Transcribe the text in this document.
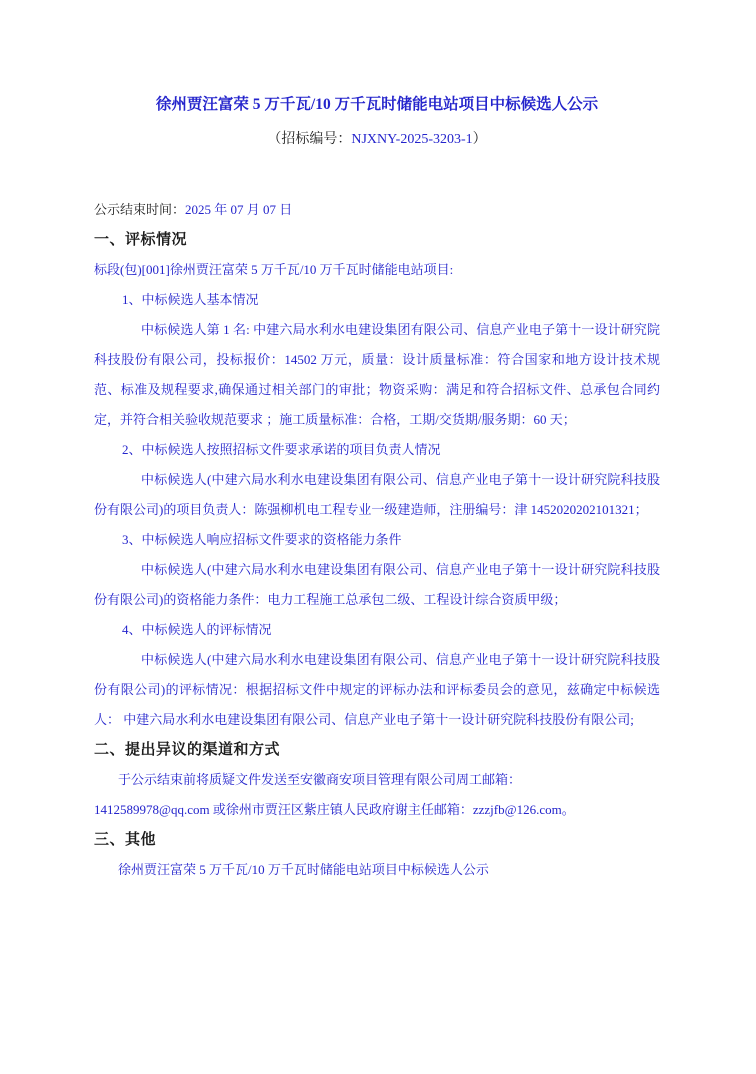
徐州贾汪富荣 5 万千瓦/10 万千瓦时储能电站项目中标候选人公示
（招标编号：NJXNY-2025-3203-1）

公示结束时间：2025 年 07 月 07 日

一、评标情况

标段(包)[001]徐州贾汪富荣 5 万千瓦/10 万千瓦时储能电站项目:

1、中标候选人基本情况

中标候选人第 1 名: 中建六局水利水电建设集团有限公司、信息产业电子第十一设计研究院科技股份有限公司，投标报价：14502 万元，质量：设计质量标准：符合国家和地方设计技术规范、标准及规程要求,确保通过相关部门的审批；物资采购：满足和符合招标文件、总承包合同约定，并符合相关验收规范要求 ；施工质量标准：合格，工期/交货期/服务期：60 天；

2、中标候选人按照招标文件要求承诺的项目负责人情况

中标候选人(中建六局水利水电建设集团有限公司、信息产业电子第十一设计研究院科技股份有限公司)的项目负责人：陈强柳机电工程专业一级建造师，注册编号：津 1452020202101321；

3、中标候选人响应招标文件要求的资格能力条件

中标候选人(中建六局水利水电建设集团有限公司、信息产业电子第十一设计研究院科技股份有限公司)的资格能力条件：电力工程施工总承包二级、工程设计综合资质甲级；

4、中标候选人的评标情况

中标候选人(中建六局水利水电建设集团有限公司、信息产业电子第十一设计研究院科技股份有限公司)的评标情况：根据招标文件中规定的评标办法和评标委员会的意见，兹确定中标候选人： 中建六局水利水电建设集团有限公司、信息产业电子第十一设计研究院科技股份有限公司;

二、提出异议的渠道和方式

于公示结束前将质疑文件发送至安徽商安项目管理有限公司周工邮箱：

1412589978@qq.com 或徐州市贾汪区紫庄镇人民政府谢主任邮箱：zzzjfb@126.com。

三、其他

徐州贾汪富荣 5 万千瓦/10 万千瓦时储能电站项目中标候选人公示
